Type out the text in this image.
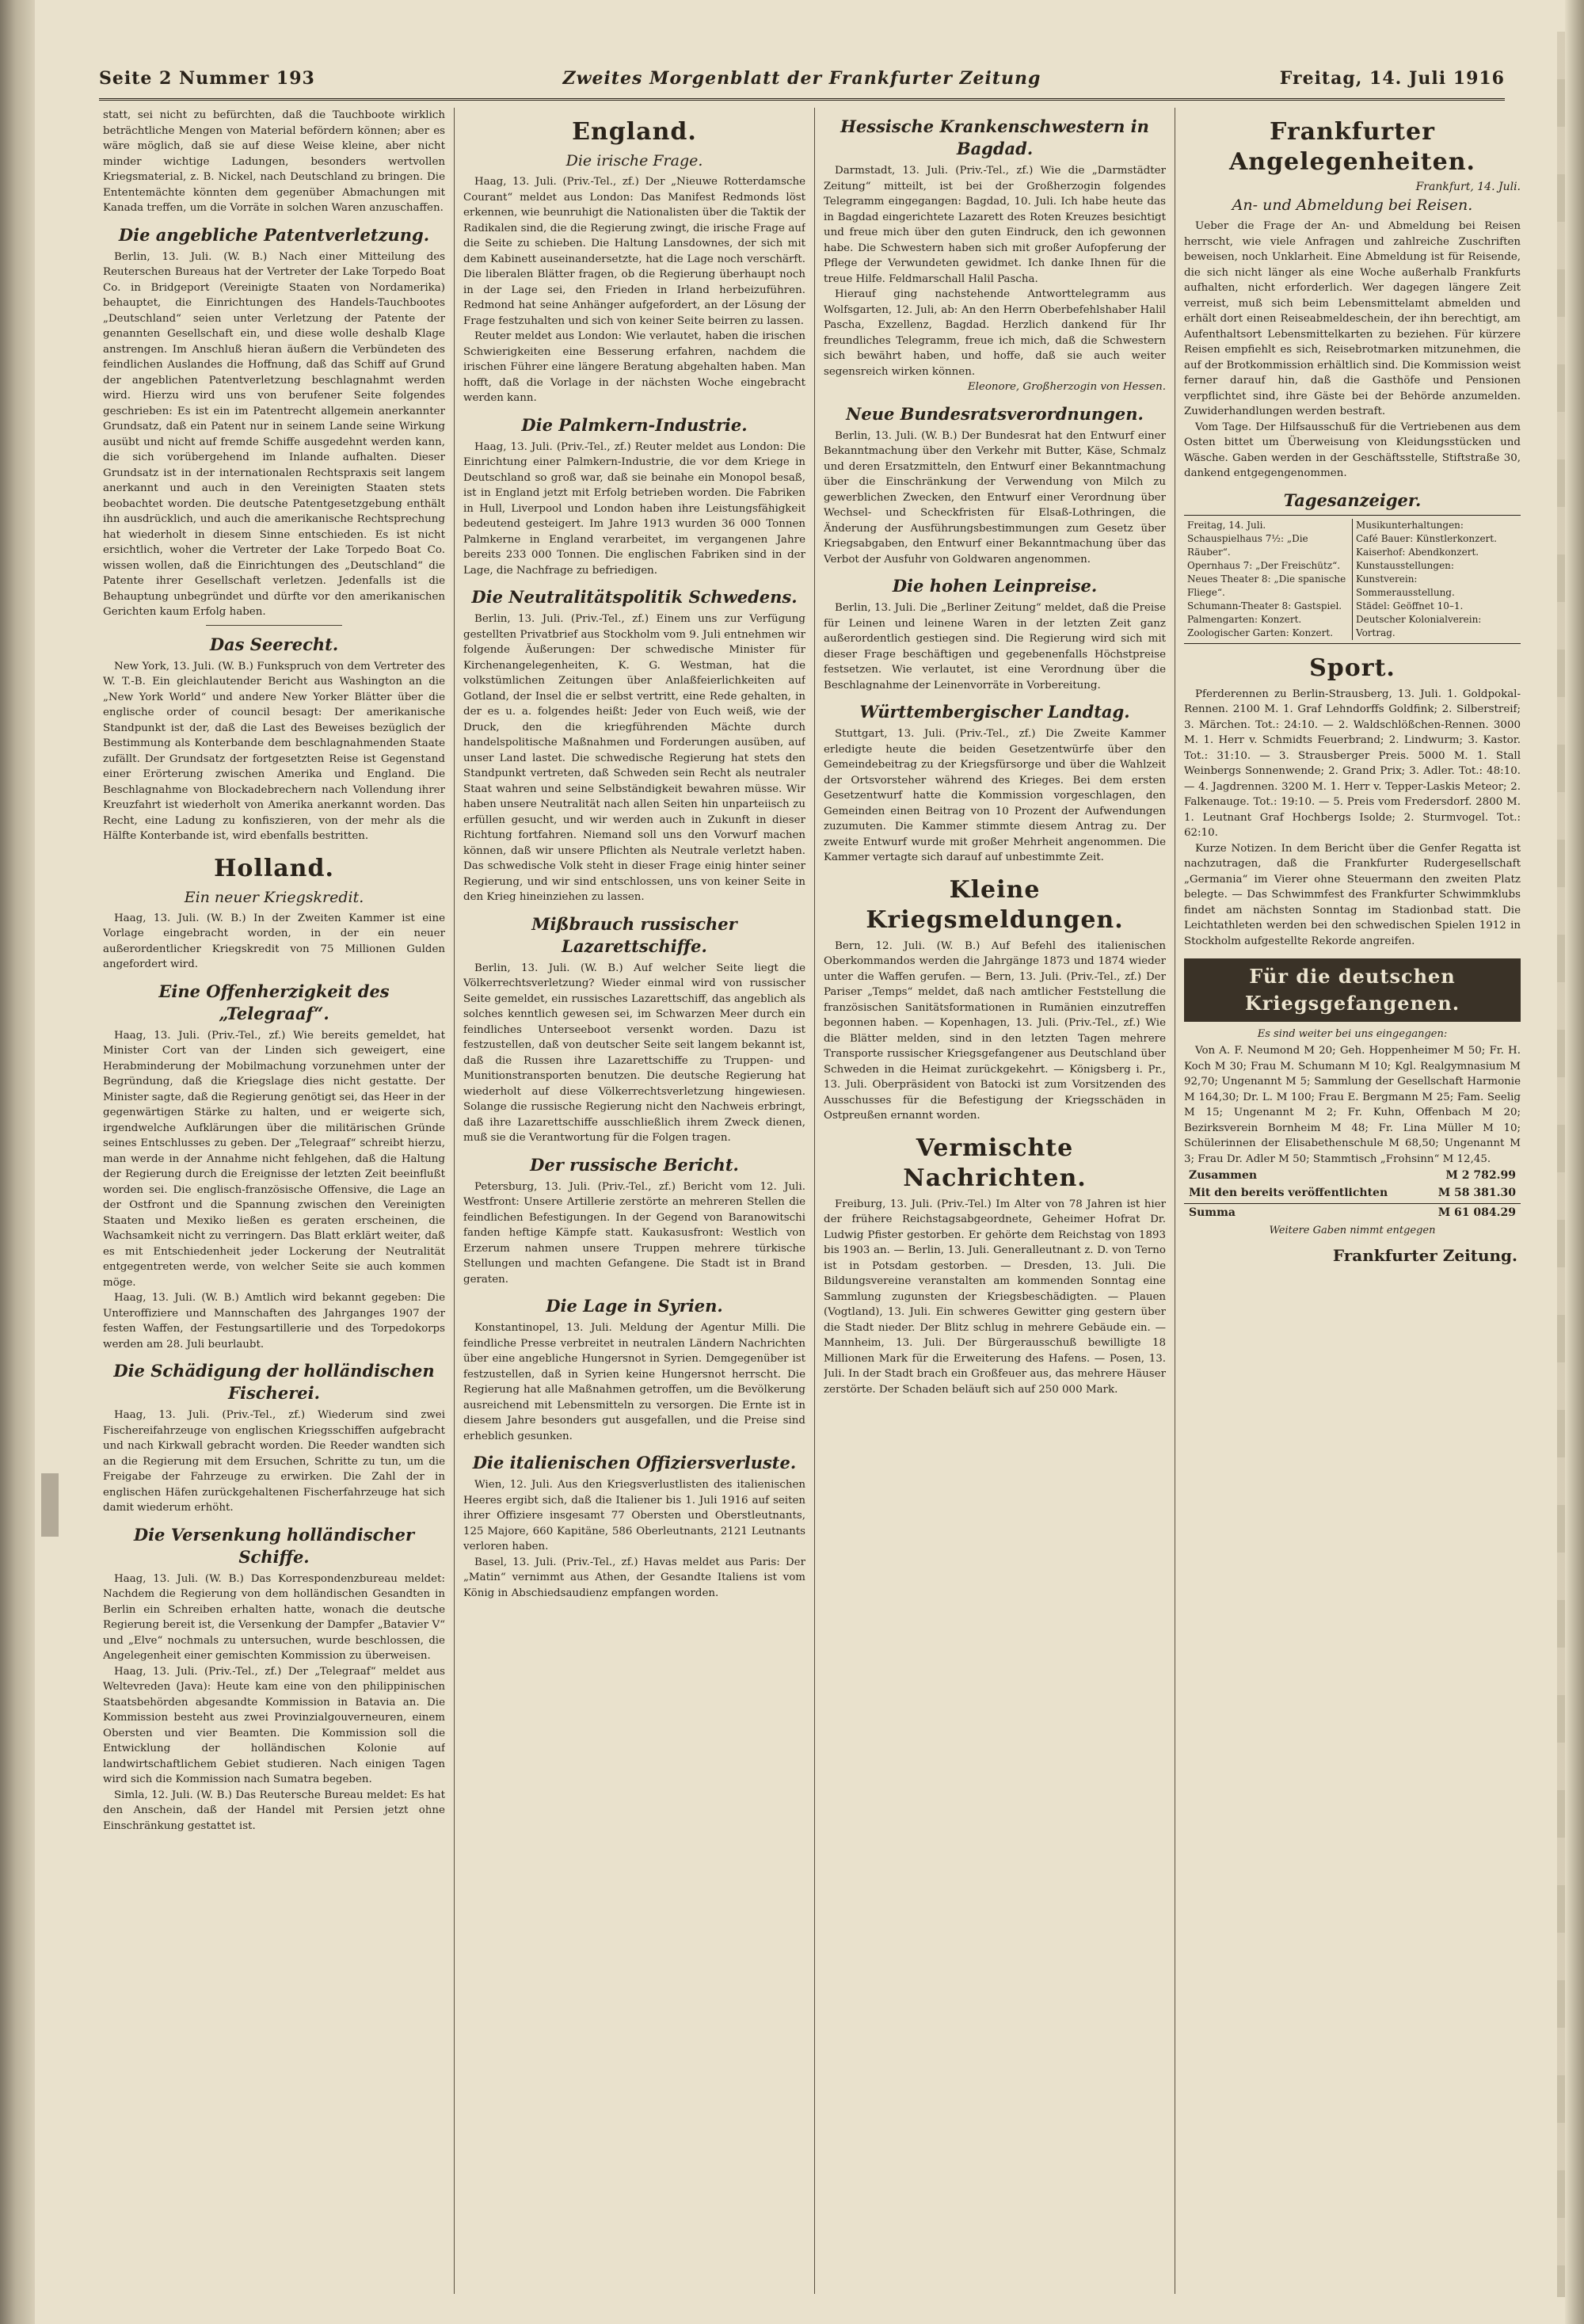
Seite 2 Nummer 193	Zweites Morgenblatt der Frankfurter Zeitung	Freitag, 14. Juli 1916

statt, sei nicht zu befürchten, daß die Tauchboote wirklich beträchtliche Mengen von Material befördern können; aber es wäre möglich, daß sie auf diese Weise kleine, aber nicht minder wichtige Ladungen, besonders wertvollen Kriegsmaterial, z. B. Nickel, nach Deutschland zu bringen. Die Ententemächte könnten dem gegenüber Abmachungen mit Kanada treffen, um die Vorräte in solchen Waren anzuschaffen.

Die angebliche Patentverletzung.

Berlin, 13. Juli. (W. B.) Nach einer Mitteilung des Reuterschen Bureaus hat der Vertreter der Lake Torpedo Boat Co. in Bridgeport (Vereinigte Staaten von Nordamerika) behauptet, die Einrichtungen des Handels-Tauchbootes „Deutschland“ seien unter Verletzung der Patente der genannten Gesellschaft ein, und diese wolle deshalb Klage anstrengen. Im Anschluß hieran äußern die Verbündeten des feindlichen Auslandes die Hoffnung, daß das Schiff auf Grund der angeblichen Patentverletzung beschlagnahmt werden wird. Hierzu wird uns von berufener Seite folgendes geschrieben: Es ist ein im Patentrecht allgemein anerkannter Grundsatz, daß ein Patent nur in seinem Lande seine Wirkung ausübt und nicht auf fremde Schiffe ausgedehnt werden kann, die sich vorübergehend im Inlande aufhalten. Dieser Grundsatz ist in der internationalen Rechtspraxis seit langem anerkannt und auch in den Vereinigten Staaten stets beobachtet worden. Die deutsche Patentgesetzgebung enthält ihn ausdrücklich, und auch die amerikanische Rechtsprechung hat wiederholt in diesem Sinne entschieden. Es ist nicht ersichtlich, woher die Vertreter der Lake Torpedo Boat Co. wissen wollen, daß die Einrichtungen des „Deutschland“ die Patente ihrer Gesellschaft verletzen. Jedenfalls ist die Behauptung unbegründet und dürfte vor den amerikanischen Gerichten kaum Erfolg haben.

Das Seerecht.

New York, 13. Juli. (W. B.) Funkspruch von dem Vertreter des W. T.-B. Ein gleichlautender Bericht aus Washington an die „New York World“ und andere New Yorker Blätter über die englische order of council besagt: Der amerikanische Standpunkt ist der, daß die Last des Beweises bezüglich der Bestimmung als Konterbande dem beschlagnahmenden Staate zufällt. Der Grundsatz der fortgesetzten Reise ist Gegenstand einer Erörterung zwischen Amerika und England. Die Beschlagnahme von Blockadebrechern nach Vollendung ihrer Kreuzfahrt ist wiederholt von Amerika anerkannt worden. Das Recht, eine Ladung zu konfiszieren, von der mehr als die Hälfte Konterbande ist, wird ebenfalls bestritten.

Holland.
Ein neuer Kriegskredit.

Haag, 13. Juli. (W. B.) In der Zweiten Kammer ist eine Vorlage eingebracht worden, in der ein neuer außerordentlicher Kriegskredit von 75 Millionen Gulden angefordert wird.

Eine Offenherzigkeit des „Telegraaf“.

Haag, 13. Juli. (Priv.-Tel., zf.) Wie bereits gemeldet, hat Minister Cort van der Linden sich geweigert, eine Herabminderung der Mobilmachung vorzunehmen unter der Begründung, daß die Kriegslage dies nicht gestatte. Der Minister sagte, daß die Regierung genötigt sei, das Heer in der gegenwärtigen Stärke zu halten, und er weigerte sich, irgendwelche Aufklärungen über die militärischen Gründe seines Entschlusses zu geben. Der „Telegraaf“ schreibt hierzu, man werde in der Annahme nicht fehlgehen, daß die Haltung der Regierung durch die Ereignisse der letzten Zeit beeinflußt worden sei. Die englisch-französische Offensive, die Lage an der Ostfront und die Spannung zwischen den Vereinigten Staaten und Mexiko ließen es geraten erscheinen, die Wachsamkeit nicht zu verringern. Das Blatt erklärt weiter, daß es mit Entschiedenheit jeder Lockerung der Neutralität entgegentreten werde, von welcher Seite sie auch kommen möge.

Haag, 13. Juli. (W. B.) Amtlich wird bekannt gegeben: Die Unteroffiziere und Mannschaften des Jahrganges 1907 der festen Waffen, der Festungsartillerie und des Torpedokorps werden am 28. Juli beurlaubt.

Die Schädigung der holländischen Fischerei.

Haag, 13. Juli. (Priv.-Tel., zf.) Wiederum sind zwei Fischereifahrzeuge von englischen Kriegsschiffen aufgebracht und nach Kirkwall gebracht worden. Die Reeder wandten sich an die Regierung mit dem Ersuchen, Schritte zu tun, um die Freigabe der Fahrzeuge zu erwirken. Die Zahl der in englischen Häfen zurückgehaltenen Fischerfahrzeuge hat sich damit wiederum erhöht.

Die Versenkung holländischer Schiffe.

Haag, 13. Juli. (W. B.) Das Korrespondenzbureau meldet: Nachdem die Regierung von dem holländischen Gesandten in Berlin ein Schreiben erhalten hatte, wonach die deutsche Regierung bereit ist, die Versenkung der Dampfer „Batavier V“ und „Elve“ nochmals zu untersuchen, wurde beschlossen, die Angelegenheit einer gemischten Kommission zu überweisen.

Haag, 13. Juli. (Priv.-Tel., zf.) Der „Telegraaf“ meldet aus Weltevreden (Java): Heute kam eine von den philippinischen Staatsbehörden abgesandte Kommission in Batavia an. Die Kommission besteht aus zwei Provinzialgouverneuren, einem Obersten und vier Beamten. Die Kommission soll die Entwicklung der holländischen Kolonie auf landwirtschaftlichem Gebiet studieren. Nach einigen Tagen wird sich die Kommission nach Sumatra begeben.

Simla, 12. Juli. (W. B.) Das Reutersche Bureau meldet: Es hat den Anschein, daß der Handel mit Persien jetzt ohne Einschränkung gestattet ist.

England.
Die irische Frage.

Haag, 13. Juli. (Priv.-Tel., zf.) Der „Nieuwe Rotterdamsche Courant“ meldet aus London: Das Manifest Redmonds löst erkennen, wie beunruhigt die Nationalisten über die Taktik der Radikalen sind, die die Regierung zwingt, die irische Frage auf die Seite zu schieben. Die Haltung Lansdownes, der sich mit dem Kabinett auseinandersetzte, hat die Lage noch verschärft. Die liberalen Blätter fragen, ob die Regierung überhaupt noch in der Lage sei, den Frieden in Irland herbeizuführen. Redmond hat seine Anhänger aufgefordert, an der Lösung der Frage festzuhalten und sich von keiner Seite beirren zu lassen.

Reuter meldet aus London: Wie verlautet, haben die irischen Schwierigkeiten eine Besserung erfahren, nachdem die irischen Führer eine längere Beratung abgehalten haben. Man hofft, daß die Vorlage in der nächsten Woche eingebracht werden kann.

Die Palmkern-Industrie.

Haag, 13. Juli. (Priv.-Tel., zf.) Reuter meldet aus London: Die Einrichtung einer Palmkern-Industrie, die vor dem Kriege in Deutschland so groß war, daß sie beinahe ein Monopol besaß, ist in England jetzt mit Erfolg betrieben worden. Die Fabriken in Hull, Liverpool und London haben ihre Leistungsfähigkeit bedeutend gesteigert. Im Jahre 1913 wurden 36 000 Tonnen Palmkerne in England verarbeitet, im vergangenen Jahre bereits 233 000 Tonnen. Die englischen Fabriken sind in der Lage, die Nachfrage zu befriedigen.

Die Neutralitätspolitik Schwedens.

Berlin, 13. Juli. (Priv.-Tel., zf.) Einem uns zur Verfügung gestellten Privatbrief aus Stockholm vom 9. Juli entnehmen wir folgende Äußerungen: Der schwedische Minister für Kirchenangelegenheiten, K. G. Westman, hat die volkstümlichen Zeitungen über Anlaßfeierlichkeiten auf Gotland, der Insel die er selbst vertritt, eine Rede gehalten, in der es u. a. folgendes heißt: Jeder von Euch weiß, wie der Druck, den die kriegführenden Mächte durch handelspolitische Maßnahmen und Forderungen ausüben, auf unser Land lastet. Die schwedische Regierung hat stets den Standpunkt vertreten, daß Schweden sein Recht als neutraler Staat wahren und seine Selbständigkeit bewahren müsse. Wir haben unsere Neutralität nach allen Seiten hin unparteiisch zu erfüllen gesucht, und wir werden auch in Zukunft in dieser Richtung fortfahren. Niemand soll uns den Vorwurf machen können, daß wir unsere Pflichten als Neutrale verletzt haben. Das schwedische Volk steht in dieser Frage einig hinter seiner Regierung, und wir sind entschlossen, uns von keiner Seite in den Krieg hineinziehen zu lassen.

Mißbrauch russischer Lazarettschiffe.

Berlin, 13. Juli. (W. B.) Auf welcher Seite liegt die Völkerrechtsverletzung? Wieder einmal wird von russischer Seite gemeldet, ein russisches Lazarettschiff, das angeblich als solches kenntlich gewesen sei, im Schwarzen Meer durch ein feindliches Unterseeboot versenkt worden. Dazu ist festzustellen, daß von deutscher Seite seit langem bekannt ist, daß die Russen ihre Lazarettschiffe zu Truppen- und Munitionstransporten benutzen. Die deutsche Regierung hat wiederholt auf diese Völkerrechtsverletzung hingewiesen. Solange die russische Regierung nicht den Nachweis erbringt, daß ihre Lazarettschiffe ausschließlich ihrem Zweck dienen, muß sie die Verantwortung für die Folgen tragen.

Der russische Bericht.

Petersburg, 13. Juli. (Priv.-Tel., zf.) Bericht vom 12. Juli. Westfront: Unsere Artillerie zerstörte an mehreren Stellen die feindlichen Befestigungen. In der Gegend von Baranowitschi fanden heftige Kämpfe statt. Kaukasusfront: Westlich von Erzerum nahmen unsere Truppen mehrere türkische Stellungen und machten Gefangene. Die Stadt ist in Brand geraten.

Die Lage in Syrien.

Konstantinopel, 13. Juli. Meldung der Agentur Milli. Die feindliche Presse verbreitet in neutralen Ländern Nachrichten über eine angebliche Hungersnot in Syrien. Demgegenüber ist festzustellen, daß in Syrien keine Hungersnot herrscht. Die Regierung hat alle Maßnahmen getroffen, um die Bevölkerung ausreichend mit Lebensmitteln zu versorgen. Die Ernte ist in diesem Jahre besonders gut ausgefallen, und die Preise sind erheblich gesunken.

Die italienischen Offiziersverluste.

Wien, 12. Juli. Aus den Kriegsverlustlisten des italienischen Heeres ergibt sich, daß die Italiener bis 1. Juli 1916 auf seiten ihrer Offiziere insgesamt 77 Obersten und Oberstleutnants, 125 Majore, 660 Kapitäne, 586 Oberleutnants, 2121 Leutnants verloren haben.

Basel, 13. Juli. (Priv.-Tel., zf.) Havas meldet aus Paris: Der „Matin“ vernimmt aus Athen, der Gesandte Italiens ist vom König in Abschiedsaudienz empfangen worden.

Hessische Krankenschwestern in Bagdad.

Darmstadt, 13. Juli. (Priv.-Tel., zf.) Wie die „Darmstädter Zeitung“ mitteilt, ist bei der Großherzogin folgendes Telegramm eingegangen: Bagdad, 10. Juli. Ich habe heute das in Bagdad eingerichtete Lazarett des Roten Kreuzes besichtigt und freue mich über den guten Eindruck, den ich gewonnen habe. Die Schwestern haben sich mit großer Aufopferung der Pflege der Verwundeten gewidmet. Ich danke Ihnen für die treue Hilfe. Feldmarschall Halil Pascha.

Hierauf ging nachstehende Antworttelegramm aus Wolfsgarten, 12. Juli, ab: An den Herrn Oberbefehlshaber Halil Pascha, Exzellenz, Bagdad. Herzlich dankend für Ihr freundliches Telegramm, freue ich mich, daß die Schwestern sich bewährt haben, und hoffe, daß sie auch weiter segensreich wirken können.

Eleonore, Großherzogin von Hessen.

Neue Bundesratsverordnungen.

Berlin, 13. Juli. (W. B.) Der Bundesrat hat den Entwurf einer Bekanntmachung über den Verkehr mit Butter, Käse, Schmalz und deren Ersatzmitteln, den Entwurf einer Bekanntmachung über die Einschränkung der Verwendung von Milch zu gewerblichen Zwecken, den Entwurf einer Verordnung über Wechsel- und Scheckfristen für Elsaß-Lothringen, die Änderung der Ausführungsbestimmungen zum Gesetz über Kriegsabgaben, den Entwurf einer Bekanntmachung über das Verbot der Ausfuhr von Goldwaren angenommen.

Die hohen Leinpreise.

Berlin, 13. Juli. Die „Berliner Zeitung“ meldet, daß die Preise für Leinen und leinene Waren in der letzten Zeit ganz außerordentlich gestiegen sind. Die Regierung wird sich mit dieser Frage beschäftigen und gegebenenfalls Höchstpreise festsetzen. Wie verlautet, ist eine Verordnung über die Beschlagnahme der Leinenvorräte in Vorbereitung.

Württembergischer Landtag.

Stuttgart, 13. Juli. (Priv.-Tel., zf.) Die Zweite Kammer erledigte heute die beiden Gesetzentwürfe über den Gemeindebeitrag zu der Kriegsfürsorge und über die Wahlzeit der Ortsvorsteher während des Krieges. Bei dem ersten Gesetzentwurf hatte die Kommission vorgeschlagen, den Gemeinden einen Beitrag von 10 Prozent der Aufwendungen zuzumuten. Die Kammer stimmte diesem Antrag zu. Der zweite Entwurf wurde mit großer Mehrheit angenommen. Die Kammer vertagte sich darauf auf unbestimmte Zeit.

Kleine Kriegsmeldungen.

Bern, 12. Juli. (W. B.) Auf Befehl des italienischen Oberkommandos werden die Jahrgänge 1873 und 1874 wieder unter die Waffen gerufen. — Bern, 13. Juli. (Priv.-Tel., zf.) Der Pariser „Temps“ meldet, daß nach amtlicher Feststellung die französischen Sanitätsformationen in Rumänien einzutreffen begonnen haben. — Kopenhagen, 13. Juli. (Priv.-Tel., zf.) Wie die Blätter melden, sind in den letzten Tagen mehrere Transporte russischer Kriegsgefangener aus Deutschland über Schweden in die Heimat zurückgekehrt. — Königsberg i. Pr., 13. Juli. Oberpräsident von Batocki ist zum Vorsitzenden des Ausschusses für die Befestigung der Kriegsschäden in Ostpreußen ernannt worden.

Vermischte Nachrichten.

Freiburg, 13. Juli. (Priv.-Tel.) Im Alter von 78 Jahren ist hier der frühere Reichstagsabgeordnete, Geheimer Hofrat Dr. Ludwig Pfister gestorben. Er gehörte dem Reichstag von 1893 bis 1903 an. — Berlin, 13. Juli. Generalleutnant z. D. von Terno ist in Potsdam gestorben. — Dresden, 13. Juli. Die Bildungsvereine veranstalten am kommenden Sonntag eine Sammlung zugunsten der Kriegsbeschädigten. — Plauen (Vogtland), 13. Juli. Ein schweres Gewitter ging gestern über die Stadt nieder. Der Blitz schlug in mehrere Gebäude ein. — Mannheim, 13. Juli. Der Bürgerausschuß bewilligte 18 Millionen Mark für die Erweiterung des Hafens. — Posen, 13. Juli. In der Stadt brach ein Großfeuer aus, das mehrere Häuser zerstörte. Der Schaden beläuft sich auf 250 000 Mark.

Frankfurter Angelegenheiten.

Frankfurt, 14. Juli.

An- und Abmeldung bei Reisen.

Ueber die Frage der An- und Abmeldung bei Reisen herrscht, wie viele Anfragen und zahlreiche Zuschriften beweisen, noch Unklarheit. Eine Abmeldung ist für Reisende, die sich nicht länger als eine Woche außerhalb Frankfurts aufhalten, nicht erforderlich. Wer dagegen längere Zeit verreist, muß sich beim Lebensmittelamt abmelden und erhält dort einen Reiseabmeldeschein, der ihn berechtigt, am Aufenthaltsort Lebensmittelkarten zu beziehen. Für kürzere Reisen empfiehlt es sich, Reisebrotmarken mitzunehmen, die auf der Brotkommission erhältlich sind. Die Kommission weist ferner darauf hin, daß die Gasthöfe und Pensionen verpflichtet sind, ihre Gäste bei der Behörde anzumelden. Zuwiderhandlungen werden bestraft.

Vom Tage. Der Hilfsausschuß für die Vertriebenen aus dem Osten bittet um Überweisung von Kleidungsstücken und Wäsche. Gaben werden in der Geschäftsstelle, Stiftstraße 30, dankend entgegengenommen.

Tagesanzeiger.

Freitag, 14. Juli.

Schauspielhaus 7½: „Die Räuber“.

Opernhaus 7: „Der Freischütz“.

Neues Theater 8: „Die spanische Fliege“.

Schumann-Theater 8: Gastspiel.

Palmengarten: Konzert.

Zoologischer Garten: Konzert.

Musikunterhaltungen:

Café Bauer: Künstlerkonzert.

Kaiserhof: Abendkonzert.

Kunstausstellungen:

Kunstverein: Sommerausstellung.

Städel: Geöffnet 10–1.

Deutscher Kolonialverein: Vortrag.

Sport.

Pferderennen zu Berlin-Strausberg, 13. Juli. 1. Goldpokal-Rennen. 2100 M. 1. Graf Lehndorffs Goldfink; 2. Silberstreif; 3. Märchen. Tot.: 24:10. — 2. Waldschlößchen-Rennen. 3000 M. 1. Herr v. Schmidts Feuerbrand; 2. Lindwurm; 3. Kastor. Tot.: 31:10. — 3. Strausberger Preis. 5000 M. 1. Stall Weinbergs Sonnenwende; 2. Grand Prix; 3. Adler. Tot.: 48:10. — 4. Jagdrennen. 3200 M. 1. Herr v. Tepper-Laskis Meteor; 2. Falkenauge. Tot.: 19:10. — 5. Preis vom Fredersdorf. 2800 M. 1. Leutnant Graf Hochbergs Isolde; 2. Sturmvogel. Tot.: 62:10.

Kurze Notizen. In dem Bericht über die Genfer Regatta ist nachzutragen, daß die Frankfurter Rudergesellschaft „Germania“ im Vierer ohne Steuermann den zweiten Platz belegte. — Das Schwimmfest des Frankfurter Schwimmklubs findet am nächsten Sonntag im Stadionbad statt. Die Leichtathleten werden bei den schwedischen Spielen 1912 in Stockholm aufgestellte Rekorde angreifen.

Für die deutschen Kriegsgefangenen.

Es sind weiter bei uns eingegangen:

Von A. F. Neumond M 20; Geh. Hoppenheimer M 50; Fr. H. Koch M 30; Frau M. Schumann M 10; Kgl. Realgymnasium M 92,70; Ungenannt M 5; Sammlung der Gesellschaft Harmonie M 164,30; Dr. L. M 100; Frau E. Bergmann M 25; Fam. Seelig M 15; Ungenannt M 2; Fr. Kuhn, Offenbach M 20; Bezirksverein Bornheim M 48; Fr. Lina Müller M 10; Schülerinnen der Elisabethenschule M 68,50; Ungenannt M 3; Frau Dr. Adler M 50; Stammtisch „Frohsinn“ M 12,45.

Zusammen	M 2 782.99
Mit den bereits veröffentlichten	M 58 381.30
Summa	M 61 084.29

Weitere Gaben nimmt entgegen

Frankfurter Zeitung.
